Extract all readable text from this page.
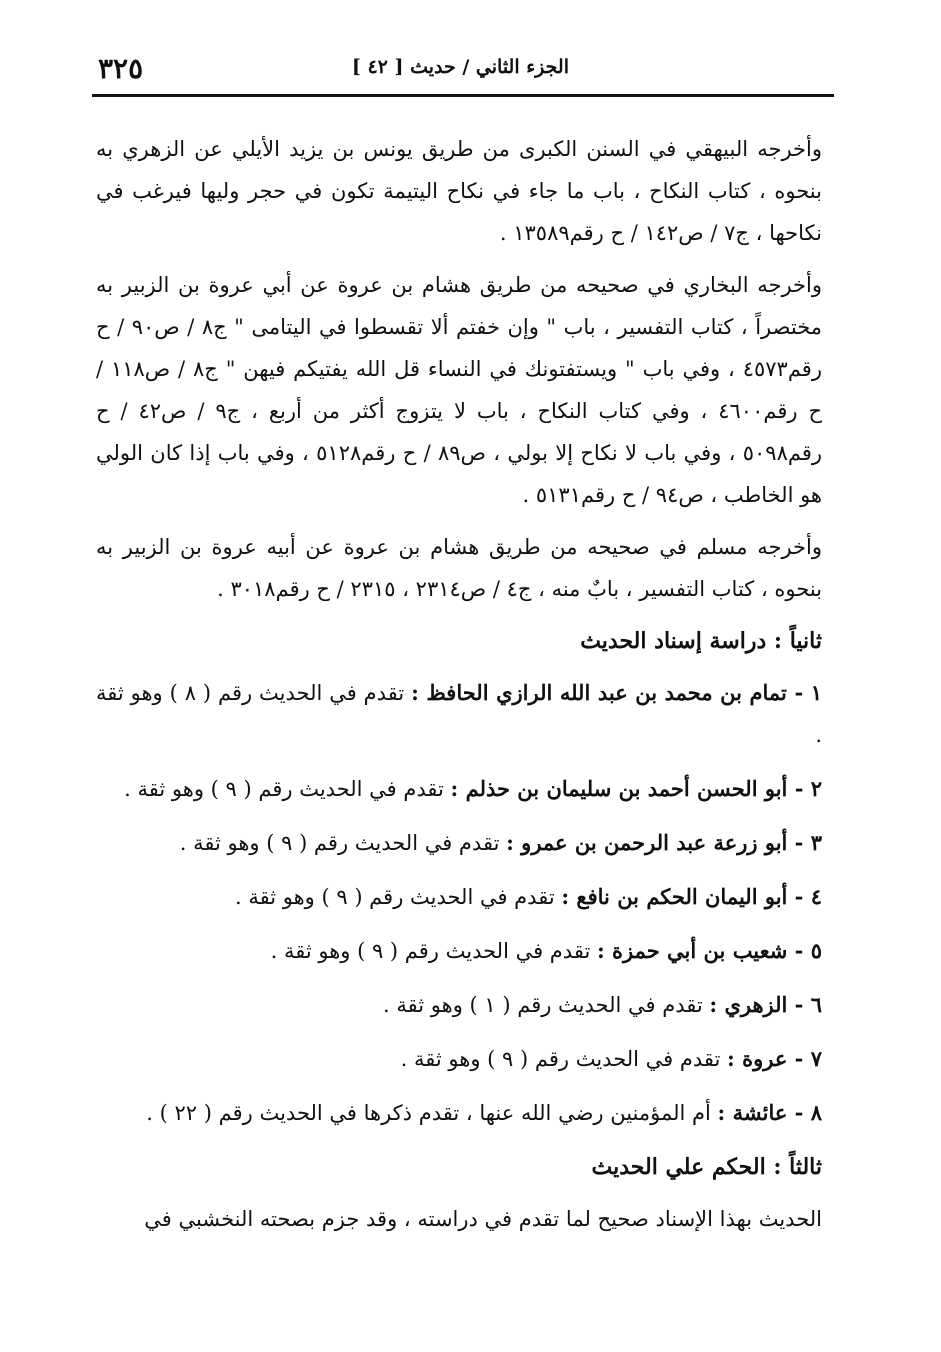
الجزء الثاني / حديث [ ٤٢ ]
٣٢٥

وأخرجه البيهقي في السنن الكبرى من طريق يونس بن يزيد الأيلي عن الزهري به بنحوه ، كتاب النكاح ، باب ما جاء في نكاح اليتيمة تكون في حجر وليها فيرغب في نكاحها ، ج٧ / ص١٤٢ / ح رقم١٣٥٨٩ .

وأخرجه البخاري في صحيحه من طريق هشام بن عروة عن أبي عروة بن الزبير به مختصراً ، كتاب التفسير ، باب " وإن خفتم ألا تقسطوا في اليتامى " ج٨ / ص٩٠ / ح رقم٤٥٧٣ ، وفي باب " ويستفتونك في النساء قل الله يفتيكم فيهن " ج٨ / ص١١٨ / ح رقم٤٦٠٠ ، وفي كتاب النكاح ، باب لا يتزوج أكثر من أربع ، ج٩ / ص٤٢ / ح رقم٥٠٩٨ ، وفي باب لا نكاح إلا بولي ، ص٨٩ / ح رقم٥١٢٨ ، وفي باب إذا كان الولي هو الخاطب ، ص٩٤ / ح رقم٥١٣١ .

وأخرجه مسلم في صحيحه من طريق هشام بن عروة عن أبيه عروة بن الزبير به بنحوه ، كتاب التفسير ، بابٌ منه ، ج٤ / ص٢٣١٤ ، ٢٣١٥ / ح رقم٣٠١٨ .

ثانياً : دراسة إسناد الحديث

١ - تمام بن محمد بن عبد الله الرازي الحافظ : تقدم في الحديث رقم ( ٨ ) وهو ثقة .

٢ - أبو الحسن أحمد بن سليمان بن حذلم : تقدم في الحديث رقم ( ٩ ) وهو ثقة .

٣ - أبو زرعة عبد الرحمن بن عمرو : تقدم في الحديث رقم ( ٩ ) وهو ثقة .

٤ - أبو اليمان الحكم بن نافع : تقدم في الحديث رقم ( ٩ ) وهو ثقة .

٥ - شعيب بن أبي حمزة : تقدم في الحديث رقم ( ٩ ) وهو ثقة .

٦ - الزهري : تقدم في الحديث رقم ( ١ ) وهو ثقة .

٧ - عروة : تقدم في الحديث رقم ( ٩ ) وهو ثقة .

٨ - عائشة : أم المؤمنين رضي الله عنها ، تقدم ذكرها في الحديث رقم ( ٢٢ ) .

ثالثاً : الحكم علي الحديث

الحديث بهذا الإسناد صحيح لما تقدم في دراسته ، وقد جزم بصحته النخشبي في
